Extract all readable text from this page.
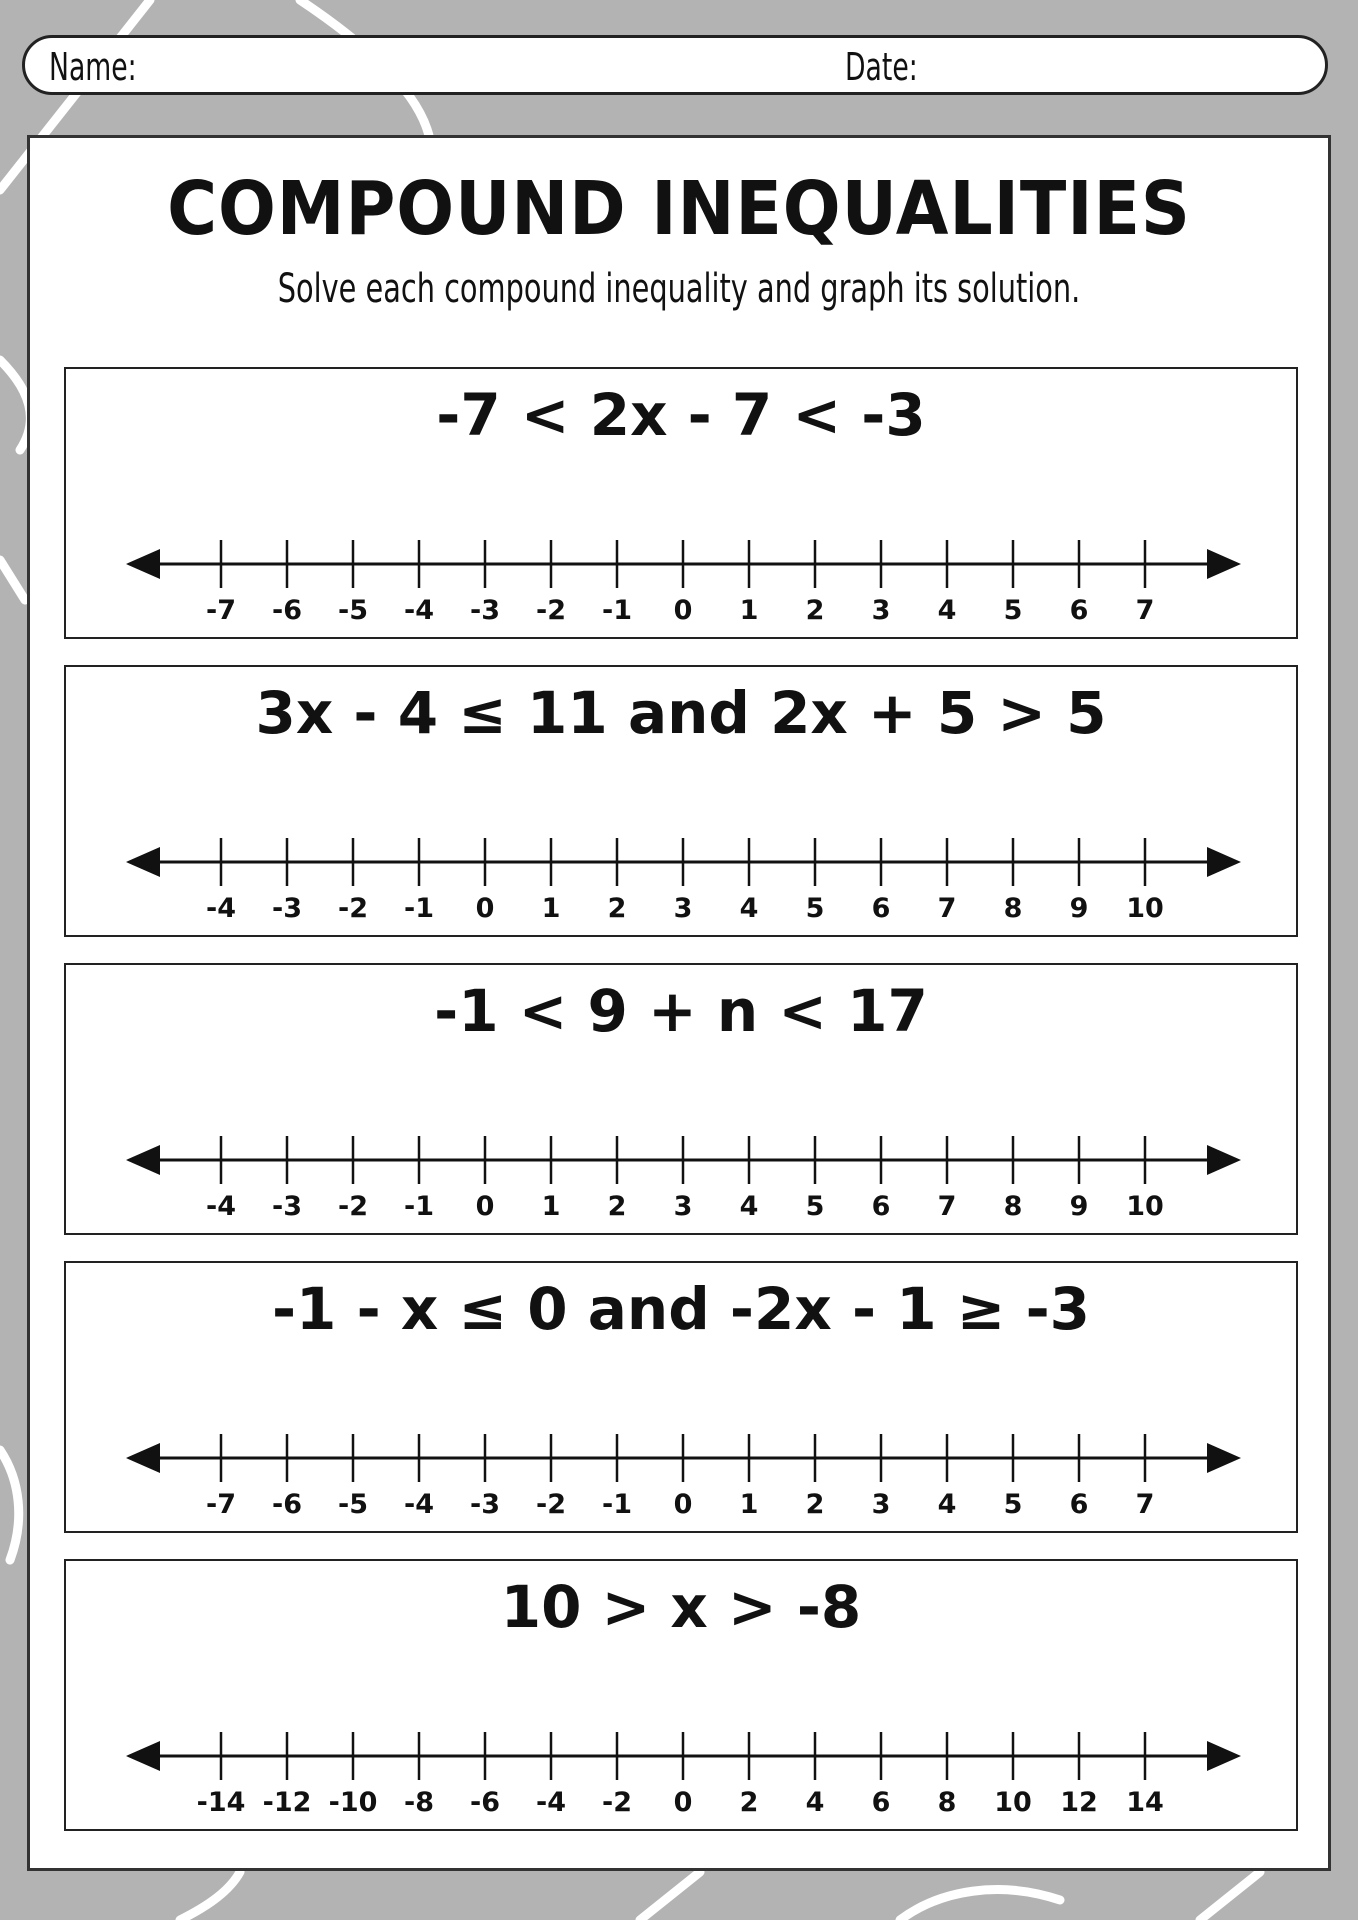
Name:	Date:
COMPOUND INEQUALITIES
Solve each compound inequality and graph its solution.
-7 < 2x - 7 < -3
-7 -6 -5 -4 -3 -2 -1 0 1 2 3 4 5 6 7
3x - 4 ≤ 11 and 2x + 5 > 5
-4 -3 -2 -1 0 1 2 3 4 5 6 7 8 9 10
-1 < 9 + n < 17
-4 -3 -2 -1 0 1 2 3 4 5 6 7 8 9 10
-1 - x ≤ 0 and -2x - 1 ≥ -3
-7 -6 -5 -4 -3 -2 -1 0 1 2 3 4 5 6 7
10 > x > -8
-14 -12 -10 -8 -6 -4 -2 0 2 4 6 8 10 12 14
